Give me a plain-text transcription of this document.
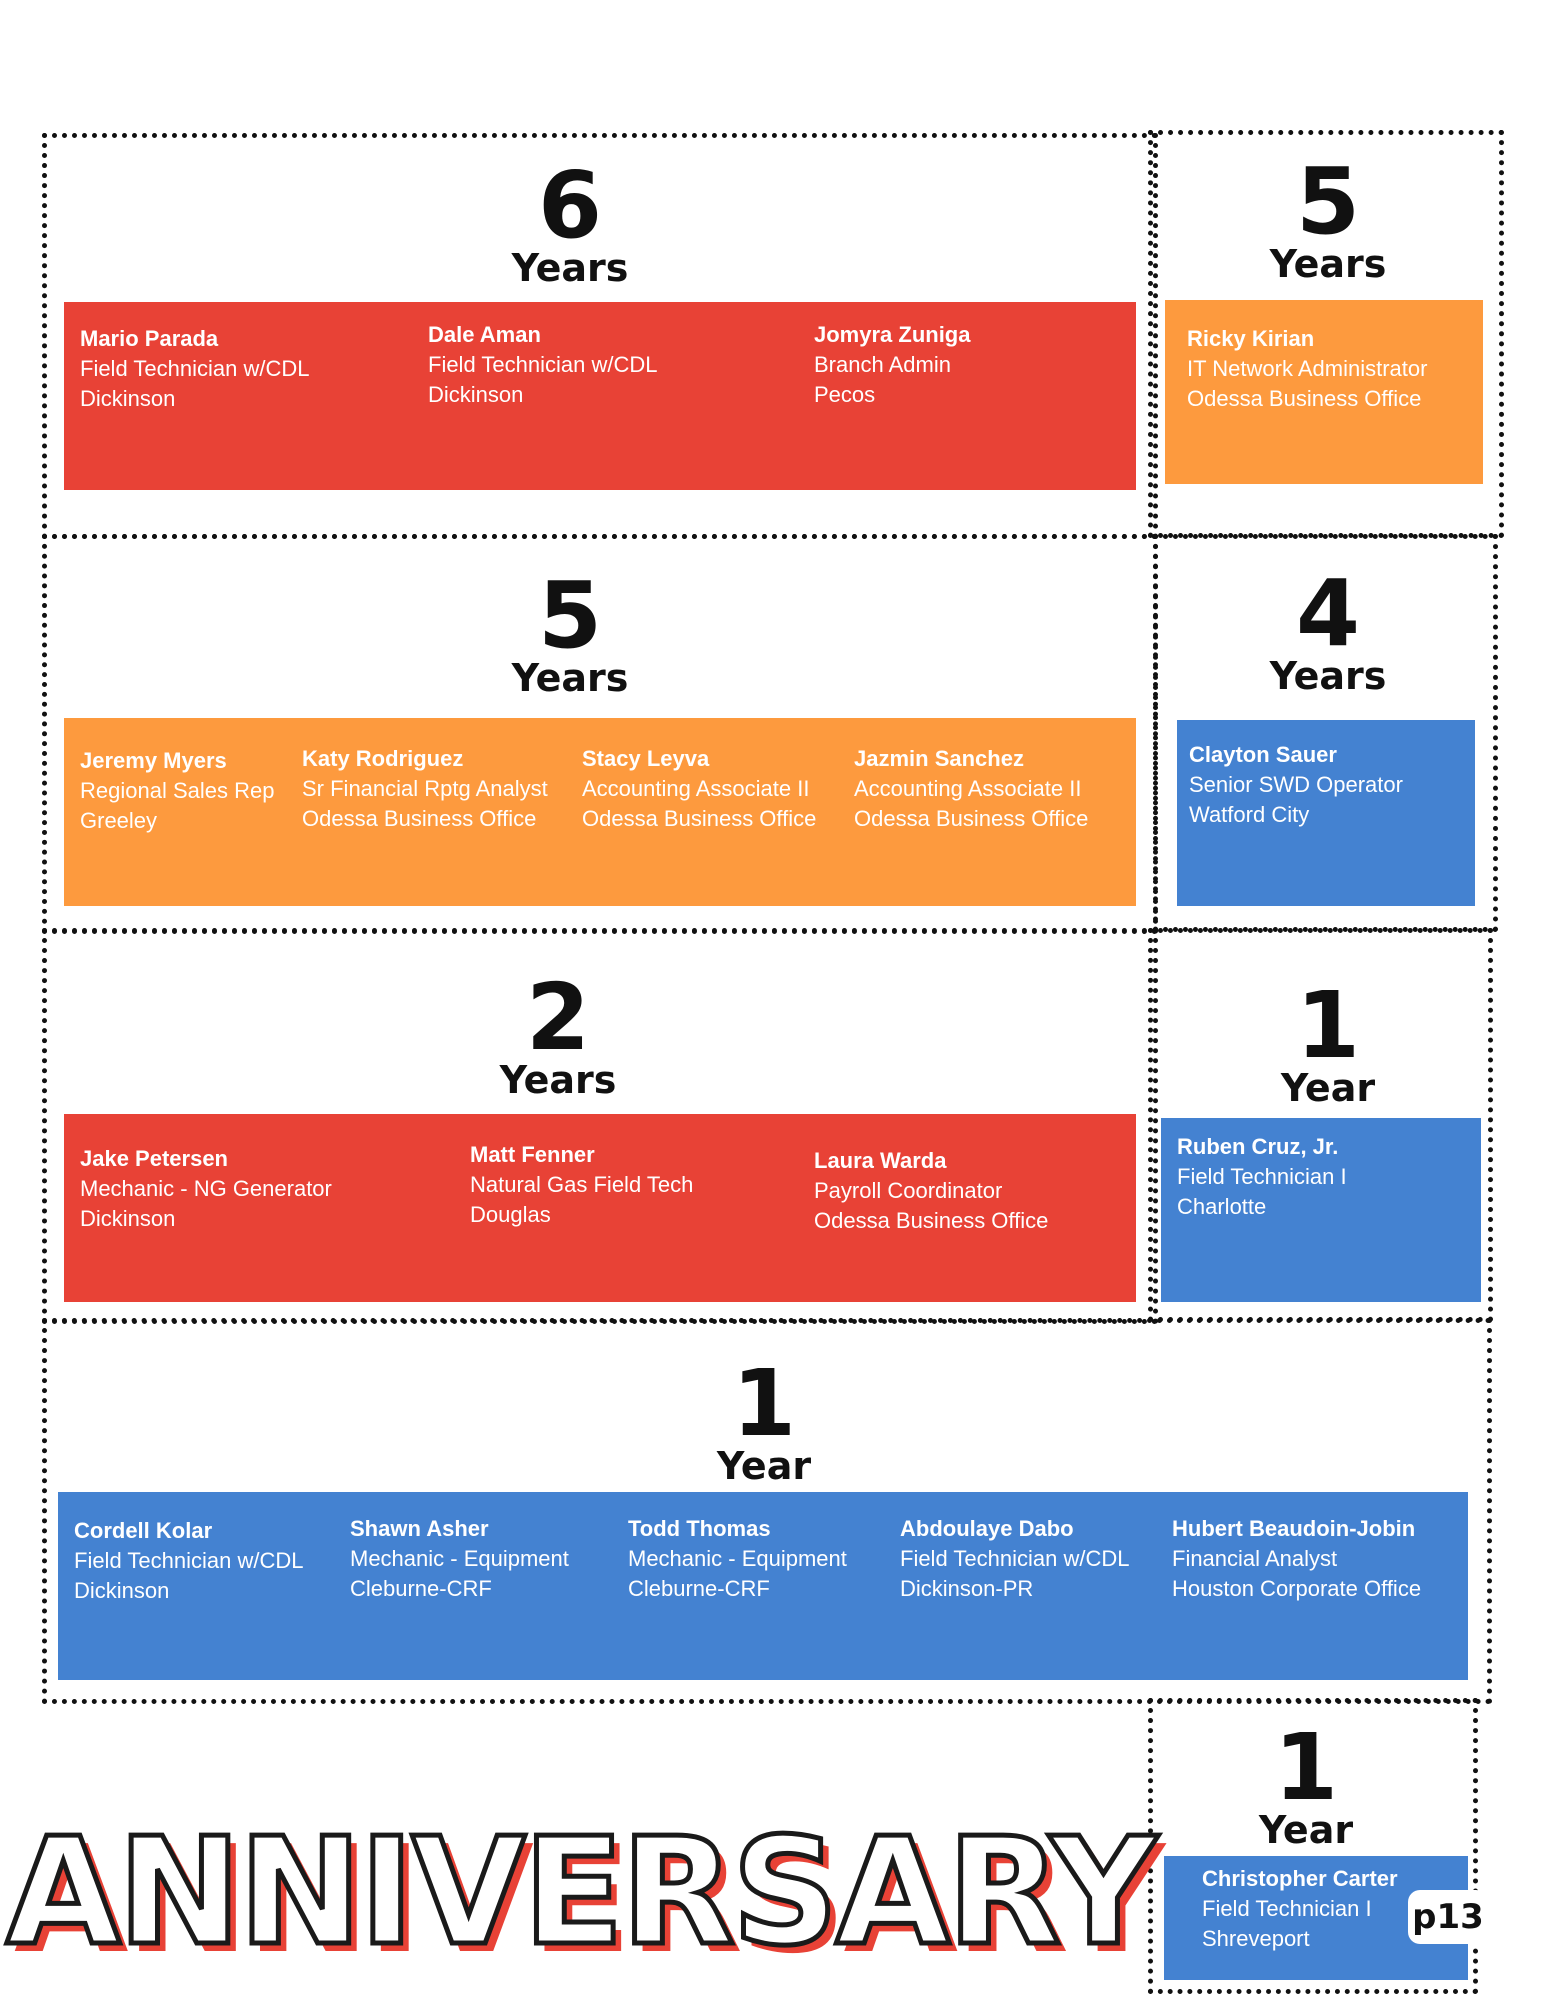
6
Years
Mario Parada
Field Technician w/CDL
Dickinson
Dale Aman
Field Technician w/CDL
Dickinson
Jomyra Zuniga
Branch Admin
Pecos
5
Years
Ricky Kirian
IT Network Administrator
Odessa Business Office
5
Years
Jeremy Myers
Regional Sales Rep
Greeley
Katy Rodriguez
Sr Financial Rptg Analyst
Odessa Business Office
Stacy Leyva
Accounting Associate II
Odessa Business Office
Jazmin Sanchez
Accounting Associate II
Odessa Business Office
4
Years
Clayton Sauer
Senior SWD Operator
Watford City
2
Years
Jake Petersen
Mechanic - NG Generator
Dickinson
Matt Fenner
Natural Gas Field Tech
Douglas
Laura Warda
Payroll Coordinator
Odessa Business Office
1
Year
Ruben Cruz, Jr.
Field Technician I
Charlotte
1
Year
Cordell Kolar
Field Technician w/CDL
Dickinson
Shawn Asher
Mechanic - Equipment
Cleburne-CRF
Todd Thomas
Mechanic - Equipment
Cleburne-CRF
Abdoulaye Dabo
Field Technician w/CDL
Dickinson-PR
Hubert Beaudoin-Jobin
Financial Analyst
Houston Corporate Office
1
Year
Christopher Carter
Field Technician I
Shreveport
ANNIVERSARY	p13
